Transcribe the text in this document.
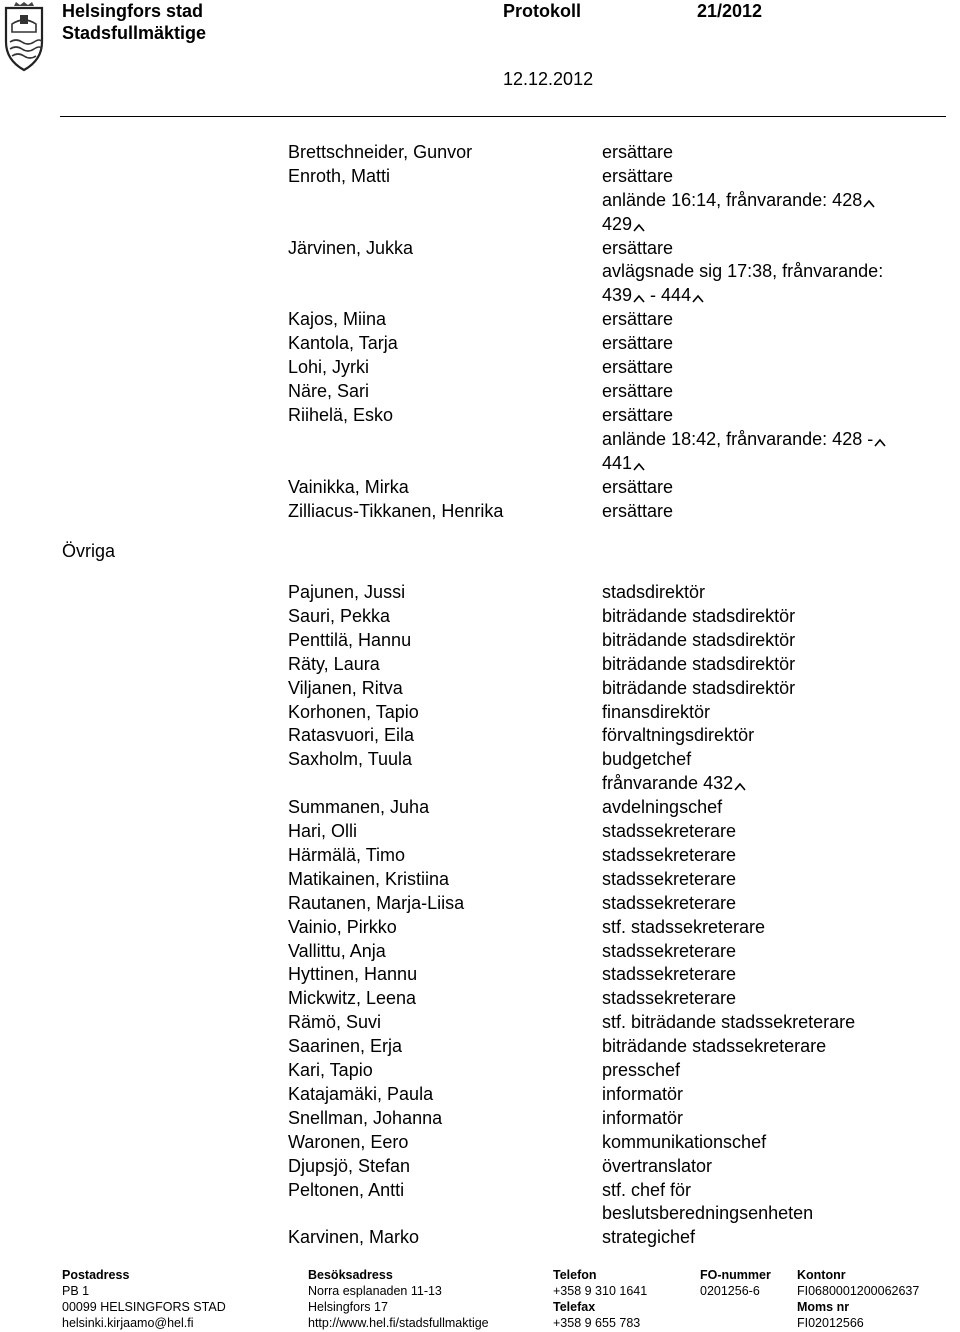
Helsingfors stad
Stadsfullmäktige
Protokoll	21/2012
12.12.2012
Övriga
Brettschneider, Gunvor	ersättare
Enroth, Matti	ersättare
anlände 16:14, frånvarande: 428
429
Järvinen, Jukka	ersättare
avlägsnade sig 17:38, frånvarande:
439 - 444
Kajos, Miina	ersättare
Kantola, Tarja	ersättare
Lohi, Jyrki	ersättare
Näre, Sari	ersättare
Riihelä, Esko	ersättare
anlände 18:42, frånvarande: 428 -
441
Vainikka, Mirka	ersättare
Zilliacus-Tikkanen, Henrika	ersättare
Pajunen, Jussi	stadsdirektör
Sauri, Pekka	biträdande stadsdirektör
Penttilä, Hannu	biträdande stadsdirektör
Räty, Laura	biträdande stadsdirektör
Viljanen, Ritva	biträdande stadsdirektör
Korhonen, Tapio	finansdirektör
Ratasvuori, Eila	förvaltningsdirektör
Saxholm, Tuula	budgetchef
frånvarande 432
Summanen, Juha	avdelningschef
Hari, Olli	stadssekreterare
Härmälä, Timo	stadssekreterare
Matikainen, Kristiina	stadssekreterare
Rautanen, Marja-Liisa	stadssekreterare
Vainio, Pirkko	stf. stadssekreterare
Vallittu, Anja	stadssekreterare
Hyttinen, Hannu	stadssekreterare
Mickwitz, Leena	stadssekreterare
Rämö, Suvi	stf. biträdande stadssekreterare
Saarinen, Erja	biträdande stadssekreterare
Kari, Tapio	presschef
Katajamäki, Paula	informatör
Snellman, Johanna	informatör
Waronen, Eero	kommunikationschef
Djupsjö, Stefan	övertranslator
Peltonen, Antti	stf. chef för
beslutsberedningsenheten
Karvinen, Marko	strategichef
Postadress
PB 1
00099 HELSINGFORS STAD
helsinki.kirjaamo@hel.fi
Besöksadress
Norra esplanaden 11-13
Helsingfors 17
http://www.hel.fi/stadsfullmaktige
Telefon
+358 9 310 1641
Telefax
+358 9 655 783
FO-nummer
0201256-6
Kontonr
FI0680001200062637
Moms nr
FI02012566
